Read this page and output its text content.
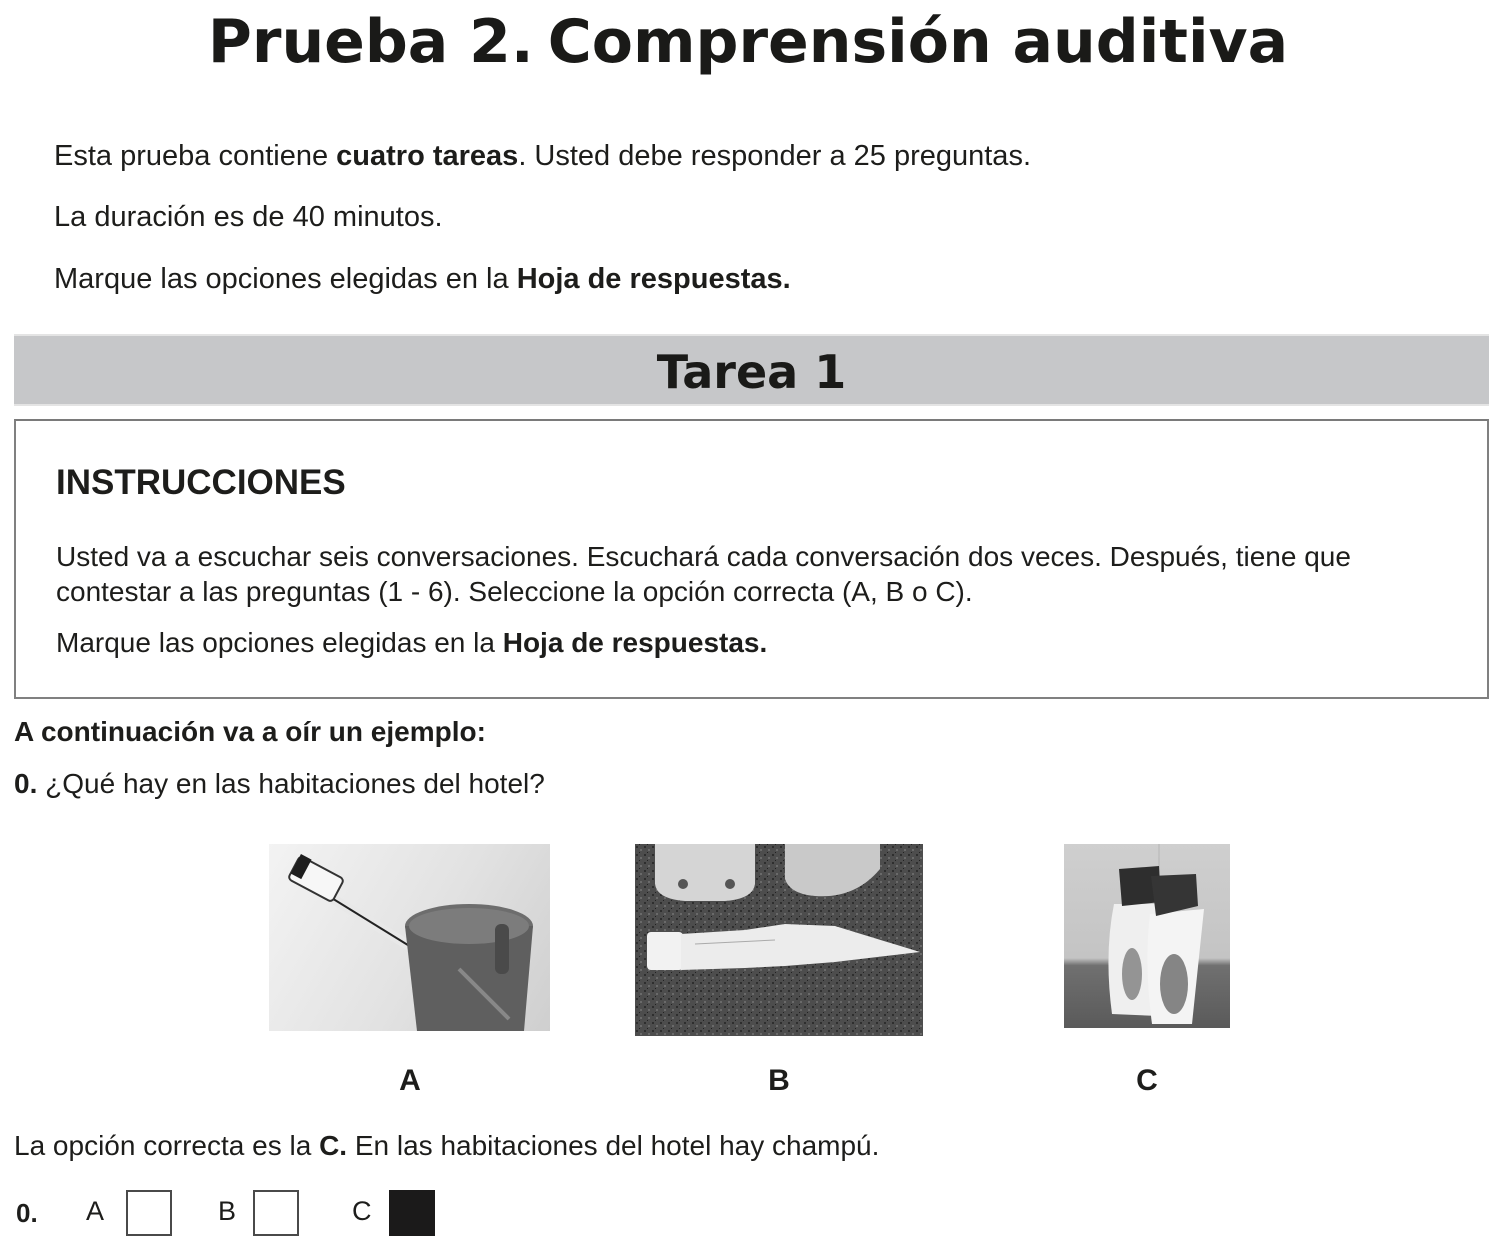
Prueba 2. Comprensión auditiva
Esta prueba contiene cuatro tareas. Usted debe responder a 25 preguntas.
La duración es de 40 minutos.
Marque las opciones elegidas en la Hoja de respuestas.
Tarea 1
INSTRUCCIONES
Usted va a escuchar seis conversaciones. Escuchará cada conversación dos veces. Después, tiene que contestar a las preguntas (1 - 6). Seleccione la opción correcta (A, B o C).
Marque las opciones elegidas en la Hoja de respuestas.
A continuación va a oír un ejemplo:
0. ¿Qué hay en las habitaciones del hotel?
A	B	C
La opción correcta es la C. En las habitaciones del hotel hay champú.
0. A	B	C
